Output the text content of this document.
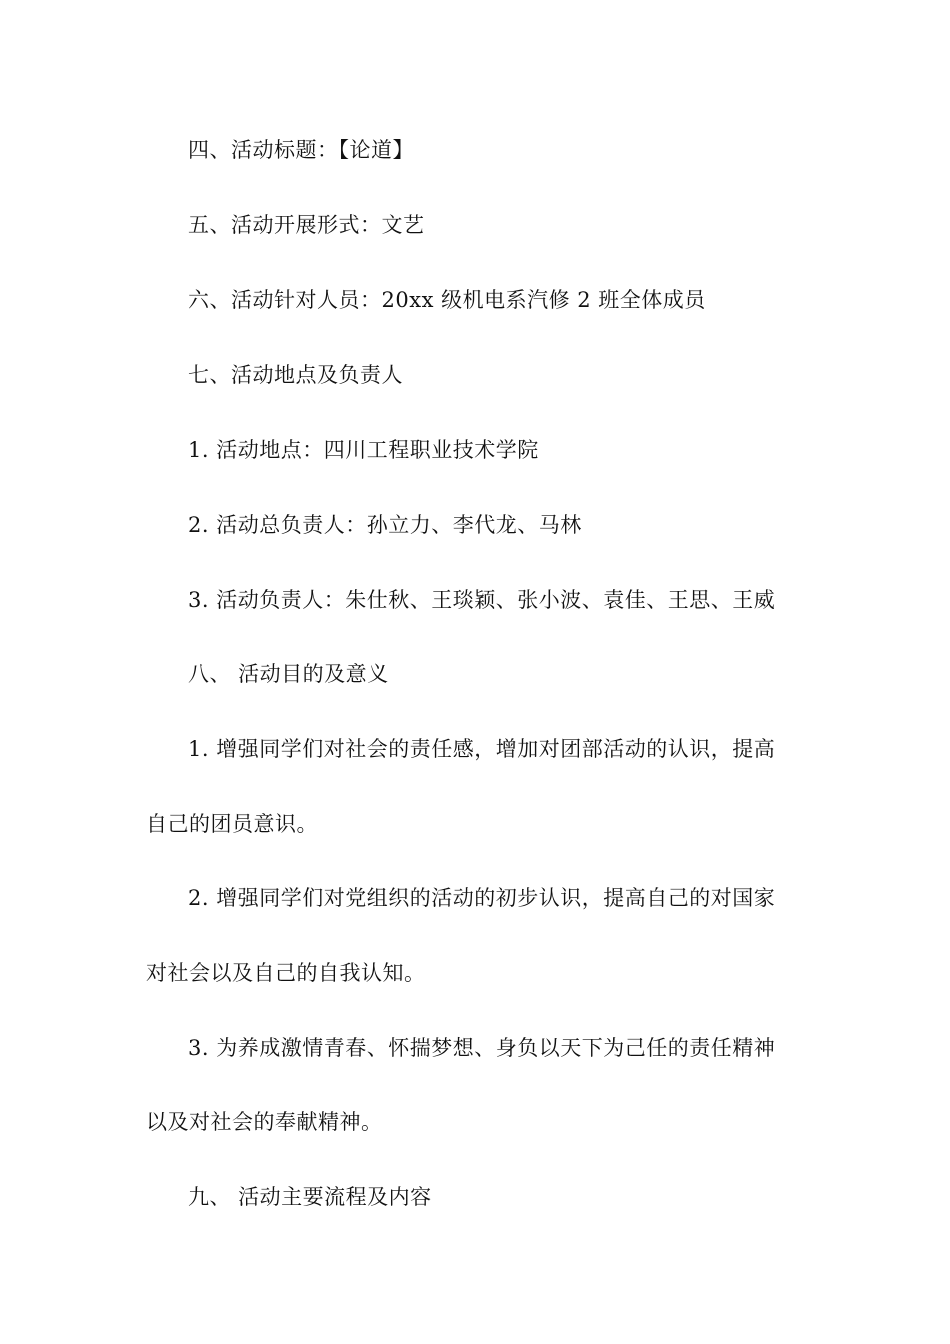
四、活动标题：【论道】
五、活动开展形式：文艺
六、活动针对人员：20xx 级机电系汽修 2 班全体成员
七、活动地点及负责人
1. 活动地点：四川工程职业技术学院
2. 活动总负责人：孙立力、李代龙、马林
3. 活动负责人：朱仕秋、王琰颖、张小波、袁佳、王思、王威
八、 活动目的及意义
1. 增强同学们对社会的责任感，增加对团部活动的认识，提高
自己的团员意识。
2. 增强同学们对党组织的活动的初步认识，提高自己的对国家
对社会以及自己的自我认知。
3. 为养成激情青春、怀揣梦想、身负以天下为己任的责任精神
以及对社会的奉献精神。
九、 活动主要流程及内容
